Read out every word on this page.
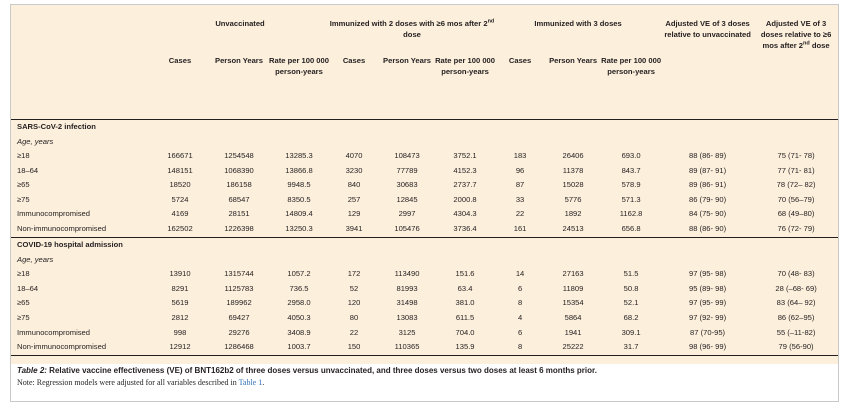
	Unvaccinated			Immunized with 2 doses with ≥6 mos after 2nd dose			Immunized with 3 doses			Adjusted VE of 3 doses relative to unvaccinated	Adjusted VE of 3 doses relative to ≥6 mos after 2nd dose
	Cases	Person Years	Rate per 100 000 person-years	Cases	Person Years	Rate per 100 000 person-years	Cases	Person Years	Rate per 100 000 person-years		
SARS-CoV-2 infection											
Age, years											
≥18	166671	1254548	13285.3	4070	108473	3752.1	183	26406	693.0	88 (86- 89)	75 (71- 78)
18–64	148151	1068390	13866.8	3230	77789	4152.3	96	11378	843.7	89 (87- 91)	77 (71- 81)
≥65	18520	186158	9948.5	840	30683	2737.7	87	15028	578.9	89 (86- 91)	78 (72– 82)
≥75	5724	68547	8350.5	257	12845	2000.8	33	5776	571.3	86 (79- 90)	70 (56–79)
Immunocompromised	4169	28151	14809.4	129	2997	4304.3	22	1892	1162.8	84 (75- 90)	68 (49–80)
Non-immunocompromised	162502	1226398	13250.3	3941	105476	3736.4	161	24513	656.8	88 (86- 90)	76 (72- 79)
COVID-19 hospital admission											
Age, years											
≥18	13910	1315744	1057.2	172	113490	151.6	14	27163	51.5	97 (95- 98)	70 (48- 83)
18–64	8291	1125783	736.5	52	81993	63.4	6	11809	50.8	95 (89- 98)	28 (–68- 69)
≥65	5619	189962	2958.0	120	31498	381.0	8	15354	52.1	97 (95- 99)	83 (64– 92)
≥75	2812	69427	4050.3	80	13083	611.5	4	5864	68.2	97 (92- 99)	86 (62–95)
Immunocompromised	998	29276	3408.9	22	3125	704.0	6	1941	309.1	87 (70-95)	55 (–11-82)
Non-immunocompromised	12912	1286468	1003.7	150	110365	135.9	8	25222	31.7	98 (96- 99)	79 (56-90)
Table 2: Relative vaccine effectiveness (VE) of BNT162b2 of three doses versus unvaccinated, and three doses versus two doses at least 6 months prior.
Note: Regression models were adjusted for all variables described in Table 1.
